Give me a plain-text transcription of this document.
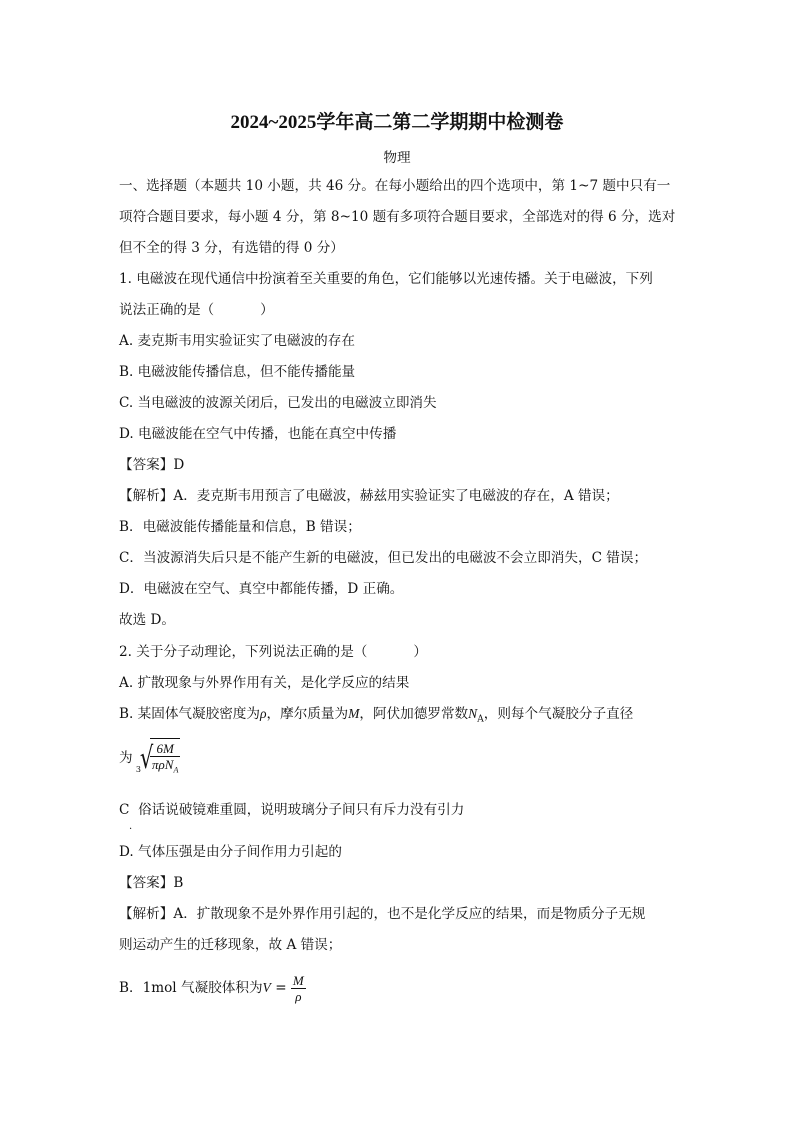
2024~2025学年高二第二学期期中检测卷
物理
一、选择题（本题共 10 小题，共 46 分。在每小题给出的四个选项中，第 1~7 题中只有一
项符合题目要求，每小题 4 分，第 8~10 题有多项符合题目要求，全部选对的得 6 分，选对
但不全的得 3 分，有选错的得 0 分）
1. 电磁波在现代通信中扮演着至关重要的角色，它们能够以光速传播。关于电磁波，下列
说法正确的是（	）
A. 麦克斯韦用实验证实了电磁波的存在
B. 电磁波能传播信息，但不能传播能量
C. 当电磁波的波源关闭后，已发出的电磁波立即消失
D. 电磁波能在空气中传播，也能在真空中传播
【答案】D
【解析】A．麦克斯韦用预言了电磁波，赫兹用实验证实了电磁波的存在，A 错误；
B．电磁波能传播能量和信息，B 错误；
C．当波源消失后只是不能产生新的电磁波，但已发出的电磁波不会立即消失，C 错误；
D．电磁波在空气、真空中都能传播，D 正确。
故选 D。
2. 关于分子动理论，下列说法正确的是（	）
A. 扩散现象与外界作用有关，是化学反应的结果
B. 某固体气凝胶密度为ρ，摩尔质量为M，阿伏加德罗常数$N_A$，则每个气凝胶分子直径
为
3
√
$\frac{6M}{\pi\rho N_A}$
C 俗话说破镜难重圆，说明玻璃分子间只有斥力没有引力
.
D. 气体压强是由分子间作用力引起的
【答案】B
【解析】A．扩散现象不是外界作用引起的，也不是化学反应的结果，而是物质分子无规
则运动产生的迁移现象，故 A 错误；
B．1mol 气凝胶体积为$V = \frac{M}{\rho}$
